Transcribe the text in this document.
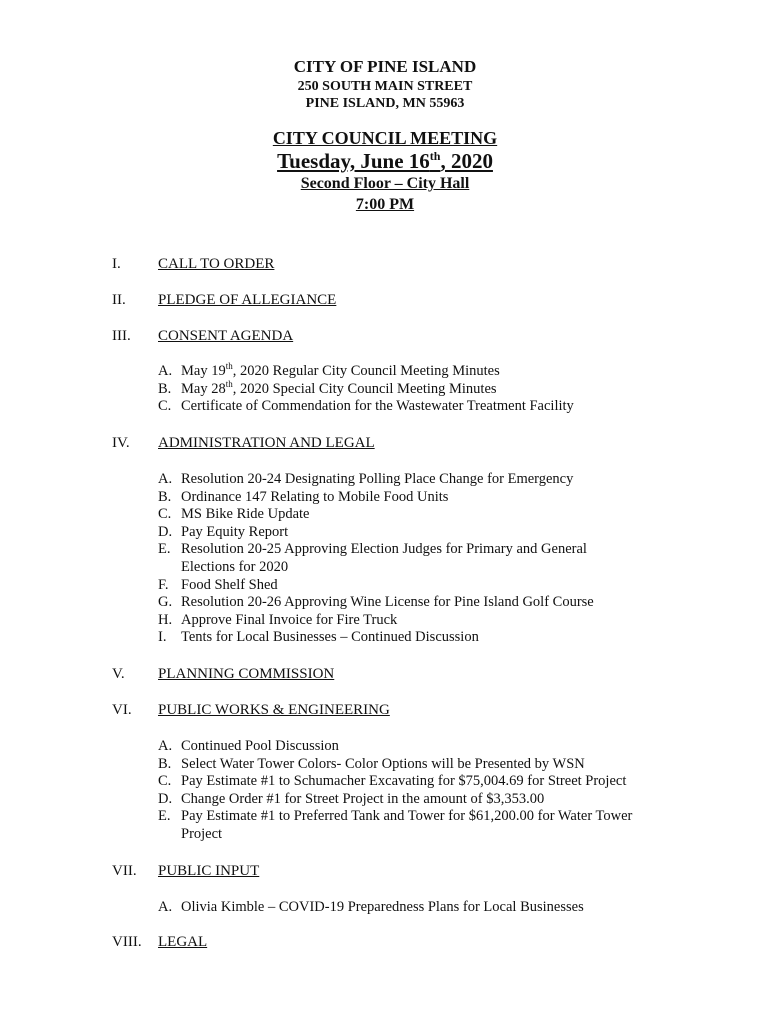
CITY OF PINE ISLAND
250 SOUTH MAIN STREET
PINE ISLAND, MN 55963
CITY COUNCIL MEETING
Tuesday, June 16th, 2020
Second Floor – City Hall
7:00 PM
I. CALL TO ORDER
II. PLEDGE OF ALLEGIANCE
III. CONSENT AGENDA
A. May 19th, 2020 Regular City Council Meeting Minutes
B. May 28th, 2020 Special City Council Meeting Minutes
C. Certificate of Commendation for the Wastewater Treatment Facility
IV. ADMINISTRATION AND LEGAL
A. Resolution 20-24 Designating Polling Place Change for Emergency
B. Ordinance 147 Relating to Mobile Food Units
C. MS Bike Ride Update
D. Pay Equity Report
E. Resolution 20-25 Approving Election Judges for Primary and General Elections for 2020
F. Food Shelf Shed
G. Resolution 20-26 Approving Wine License for Pine Island Golf Course
H. Approve Final Invoice for Fire Truck
I. Tents for Local Businesses – Continued Discussion
V. PLANNING COMMISSION
VI. PUBLIC WORKS & ENGINEERING
A. Continued Pool Discussion
B. Select Water Tower Colors- Color Options will be Presented by WSN
C. Pay Estimate #1 to Schumacher Excavating for $75,004.69 for Street Project
D. Change Order #1 for Street Project in the amount of $3,353.00
E. Pay Estimate #1 to Preferred Tank and Tower for $61,200.00 for Water Tower Project
VII. PUBLIC INPUT
A. Olivia Kimble – COVID-19 Preparedness Plans for Local Businesses
VIII. LEGAL
